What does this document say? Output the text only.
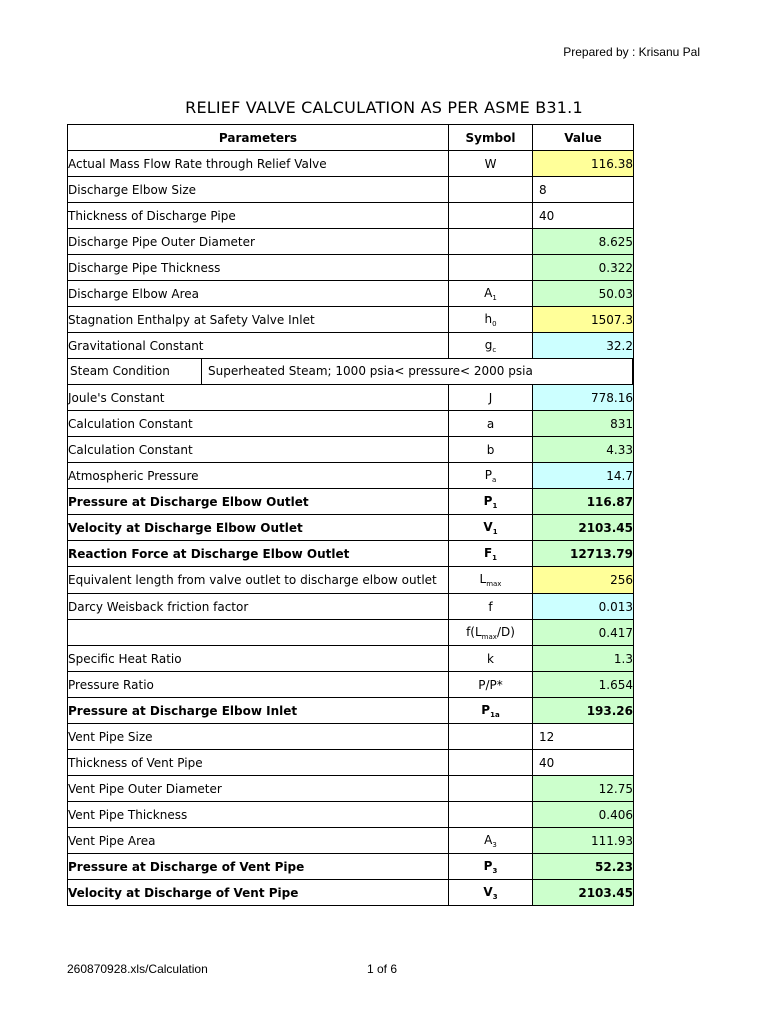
Prepared by : Krisanu Pal
RELIEF VALVE CALCULATION AS PER ASME B31.1
Parameters	Symbol	Value
Actual Mass Flow Rate through Relief Valve	W	116.38
Discharge Elbow Size		8
Thickness of Discharge Pipe		40
Discharge Pipe Outer Diameter		8.625
Discharge Pipe Thickness		0.322
Discharge Elbow Area	$A_1$	50.03
Stagnation Enthalpy at Safety Valve Inlet	$h_0$	1507.3
Gravitational Constant	$g_c$	32.2

Steam Condition Superheated Steam; 1000 psia< pressure< 2000 psia		

Joule's Constant	J	778.16
Calculation Constant	a	831
Calculation Constant	b	4.33
Atmospheric Pressure	$P_a$	14.7
Pressure at Discharge Elbow Outlet	$P_1$	116.87
Velocity at Discharge Elbow Outlet	$V_1$	2103.45
Reaction Force at Discharge Elbow Outlet	$F_1$	12713.79
Equivalent length from valve outlet to discharge elbow outlet	$L_{max}$	256
Darcy Weisback friction factor	f	0.013
	$f(L_{max}/D)$	0.417
Specific Heat Ratio	k	1.3
Pressure Ratio	P/P*	1.654
Pressure at Discharge Elbow Inlet	$P_{1a}$	193.26
Vent Pipe Size		12
Thickness of Vent Pipe		40
Vent Pipe Outer Diameter		12.75
Vent Pipe Thickness		0.406
Vent Pipe Area	$A_3$	111.93
Pressure at Discharge of Vent Pipe	$P_3$	52.23
Velocity at Discharge of Vent Pipe	$V_3$	2103.45
260870928.xls/Calculation	1 of 6
